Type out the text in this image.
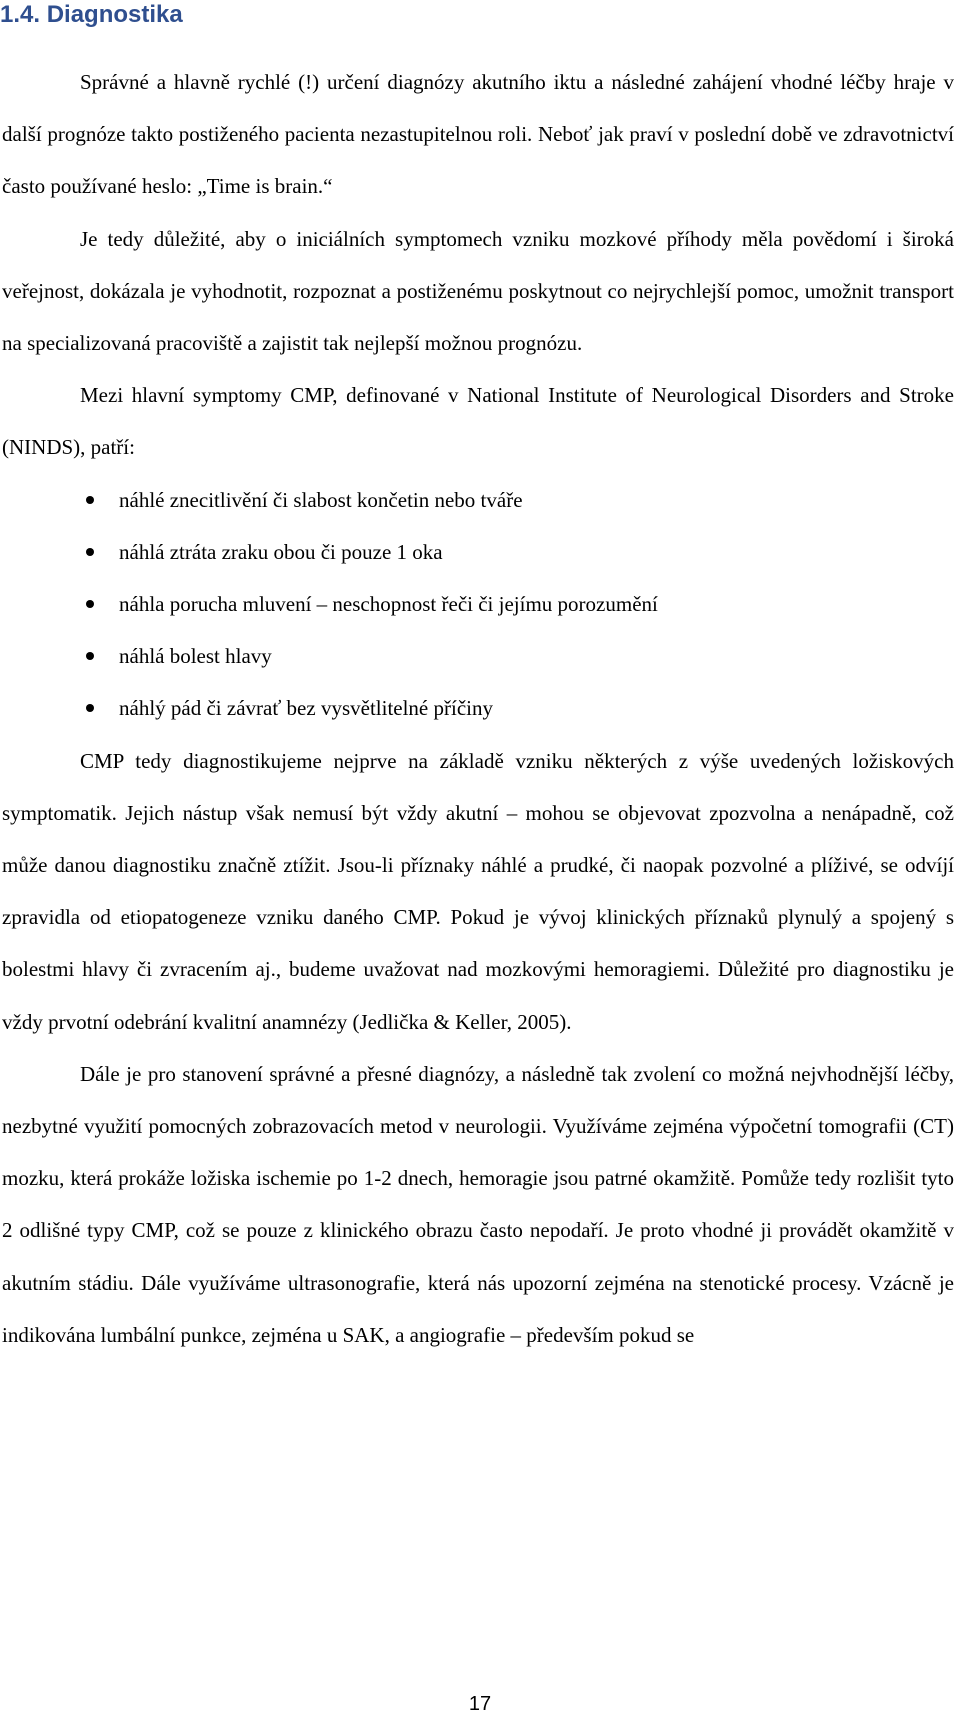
1.4. Diagnostika

Správné a hlavně rychlé (!) určení diagnózy akutního iktu a následné zahájení vhodné léčby hraje v další prognóze takto postiženého pacienta nezastupitelnou roli. Neboť jak praví v poslední době ve zdravotnictví často používané heslo: „Time is brain.“

Je tedy důležité, aby o iniciálních symptomech vzniku mozkové příhody měla povědomí i široká veřejnost, dokázala je vyhodnotit, rozpoznat a postiženému poskytnout co nejrychlejší pomoc, umožnit transport na specializovaná pracoviště a zajistit tak nejlepší možnou prognózu.

Mezi hlavní symptomy CMP, definované v National Institute of Neurological Disorders and Stroke (NINDS), patří:

náhlé znecitlivění či slabost končetin nebo tváře
náhlá ztráta zraku obou či pouze 1 oka
náhla porucha mluvení – neschopnost řeči či jejímu porozumění
náhlá bolest hlavy
náhlý pád či závrať bez vysvětlitelné příčiny

CMP tedy diagnostikujeme nejprve na základě vzniku některých z výše uvedených ložiskových symptomatik. Jejich nástup však nemusí být vždy akutní – mohou se objevovat zpozvolna a nenápadně, což může danou diagnostiku značně ztížit. Jsou-li příznaky náhlé a prudké, či naopak pozvolné a plíživé, se odvíjí zpravidla od etiopatogeneze vzniku daného CMP. Pokud je vývoj klinických příznaků plynulý a spojený s bolestmi hlavy či zvracením aj., budeme uvažovat nad mozkovými hemoragiemi. Důležité pro diagnostiku je vždy prvotní odebrání kvalitní anamnézy (Jedlička & Keller, 2005).

Dále je pro stanovení správné a přesné diagnózy, a následně tak zvolení co možná nejvhodnější léčby, nezbytné využití pomocných zobrazovacích metod v neurologii. Využíváme zejména výpočetní tomografii (CT) mozku, která prokáže ložiska ischemie po 1-2 dnech, hemoragie jsou patrné okamžitě. Pomůže tedy rozlišit tyto 2 odlišné typy CMP, což se pouze z klinického obrazu často nepodaří. Je proto vhodné ji provádět okamžitě v akutním stádiu. Dále využíváme ultrasonografie, která nás upozorní zejména na stenotické procesy. Vzácně je indikována lumbální punkce, zejména u SAK, a angiografie – především pokud se

17
